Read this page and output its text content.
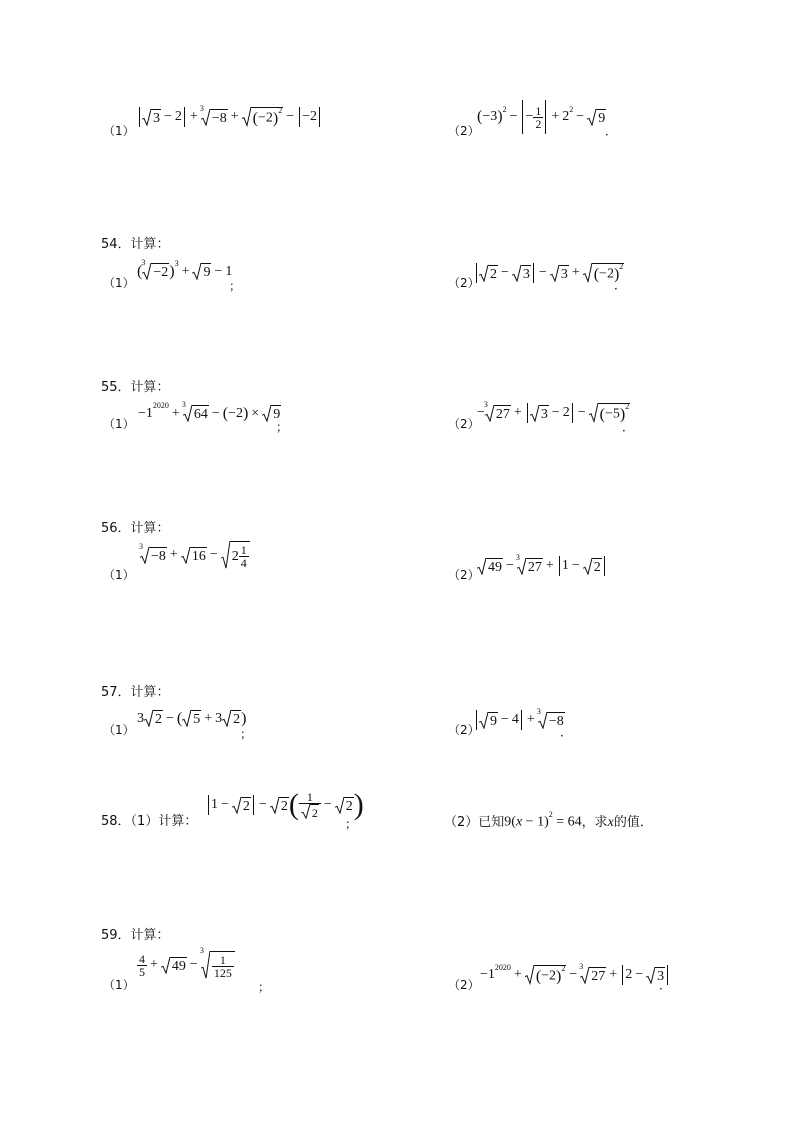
（1）
3 − 2 +
3
−8 + (−2)2 − −2
（2）
(−3)2 − − $\frac{1}{2} + 22 - 9$
．
54．计算：
（1）
( 3
−2)3 + 9 − 1
；	（2）
2 − 3 − 3 + (−2)2
．
55．计算：
（1）
−12020 +
3
64 − (−2) × 9
；	（2）
−
3
27 + 3 − 2 − (−5)2
．
56．计算：
（1）
3
$-8 + 16 - 2 \frac{1}{4}$
（2）
49 −
3
27 + 1 − 2
57．计算：
（1）
3 2 − ( 5 + 3 2)
；	（2）
9 − 4 +
3
−8
．
58．（1）计算：
$1 - 2 - 2( \frac{1}{2} - 2)$
；	（2）已知9(x − 1)2 = 64，求x的值．
59．计算：
（1）
$\frac{4}{5} + 49$ −
3
$\frac{1}{125}$
；	（2）
−12020 + (−2)2 −
3
27 + 2 − 3
．
